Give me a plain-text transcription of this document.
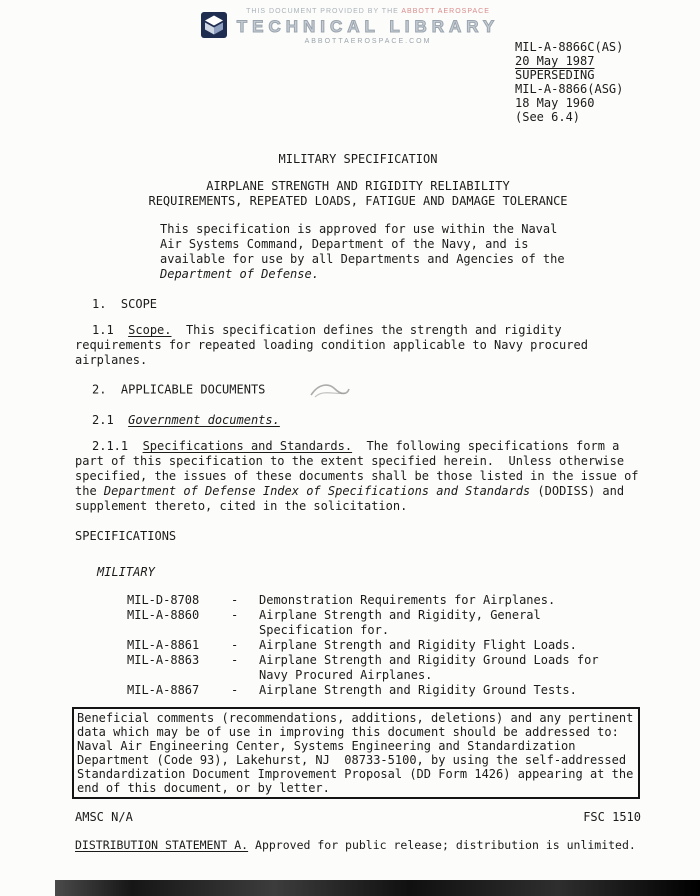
THIS DOCUMENT PROVIDED BY THE ABBOTT AEROSPACE
TECHNICAL LIBRARY
ABBOTTAEROSPACE.COM	MIL-A-8866C(AS)
20 May 1987
SUPERSEDING
MIL-A-8866(ASG)
18 May 1960
(See 6.4)
MILITARY SPECIFICATION
AIRPLANE STRENGTH AND RIGIDITY RELIABILITY
REQUIREMENTS, REPEATED LOADS, FATIGUE AND DAMAGE TOLERANCE
This specification is approved for use within the Naval Air Systems Command, Department of the Navy, and is available for use by all Departments and Agencies of the Department of Defense.
1.  SCOPE

1.1 Scope. This specification defines the strength and rigidity requirements for repeated loading condition applicable to Navy procured airplanes.

2.  APPLICABLE DOCUMENTS
2.1 Government documents.

2.1.1 Specifications and Standards. The following specifications form a part of this specification to the extent specified herein.  Unless otherwise specified, the issues of these documents shall be those listed in the issue of the Department of Defense Index of Specifications and Standards (DODISS) and supplement thereto, cited in the solicitation.

SPECIFICATIONS
MILITARY
MIL-D-8708	-	Demonstration Requirements for Airplanes.
MIL-A-8860	-	Airplane Strength and Rigidity, General Specification for.
MIL-A-8861	-	Airplane Strength and Rigidity Flight Loads.
MIL-A-8863	-	Airplane Strength and Rigidity Ground Loads for Navy Procured Airplanes.
MIL-A-8867	-	Airplane Strength and Rigidity Ground Tests.
Beneficial comments (recommendations, additions, deletions) and any pertinent data which may be of use in improving this document should be addressed to: Naval Air Engineering Center, Systems Engineering and Standardization Department (Code 93), Lakehurst, NJ  08733-5100, by using the self-addressed Standardization Document Improvement Proposal (DD Form 1426) appearing at the end of this document, or by letter.
AMSC N/A	FSC 1510
DISTRIBUTION STATEMENT A. Approved for public release; distribution is unlimited.
